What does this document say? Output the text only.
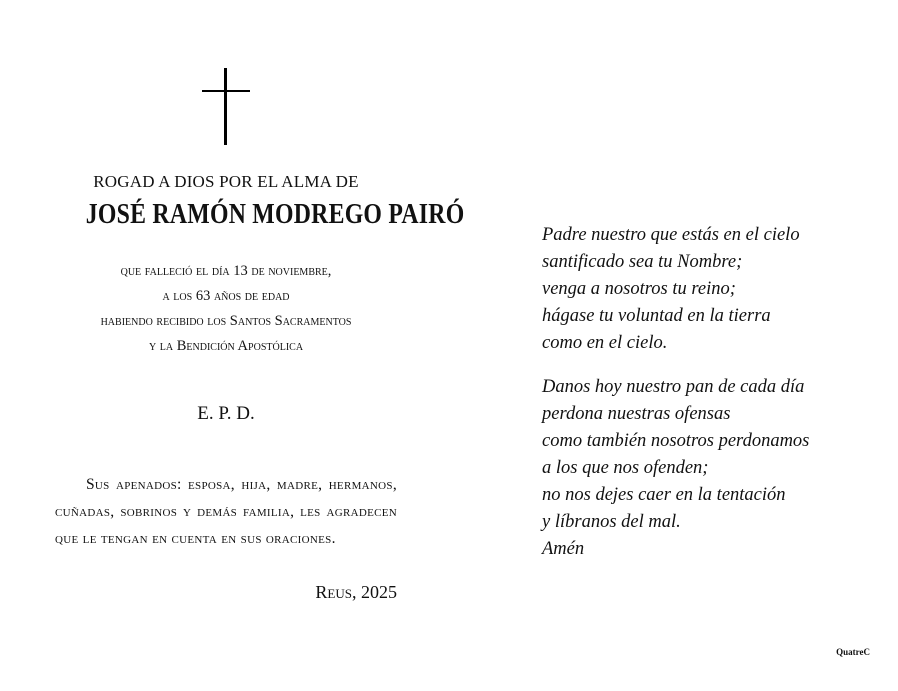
ROGAD A DIOS POR EL ALMA DE
JOSÉ RAMÓN MODREGO PAIRÓ
que falleció el día 13 de noviembre,
a los 63 años de edad
habiendo recibido los Santos Sacramentos
y la Bendición Apostólica
E. P. D.
Sus apenados: esposa, hija, madre, hermanos, cuñadas, sobrinos y demás familia, les agradecen que le tengan en cuenta en sus oraciones.
Reus, 2025
Padre nuestro que estás en el cielo
santificado sea tu Nombre;
venga a nosotros tu reino;
hágase tu voluntad en la tierra
como en el cielo.
Danos hoy nuestro pan de cada día
perdona nuestras ofensas
como también nosotros perdonamos
a los que nos ofenden;
no nos dejes caer en la tentación
y líbranos del mal.
Amén
QuatreC
